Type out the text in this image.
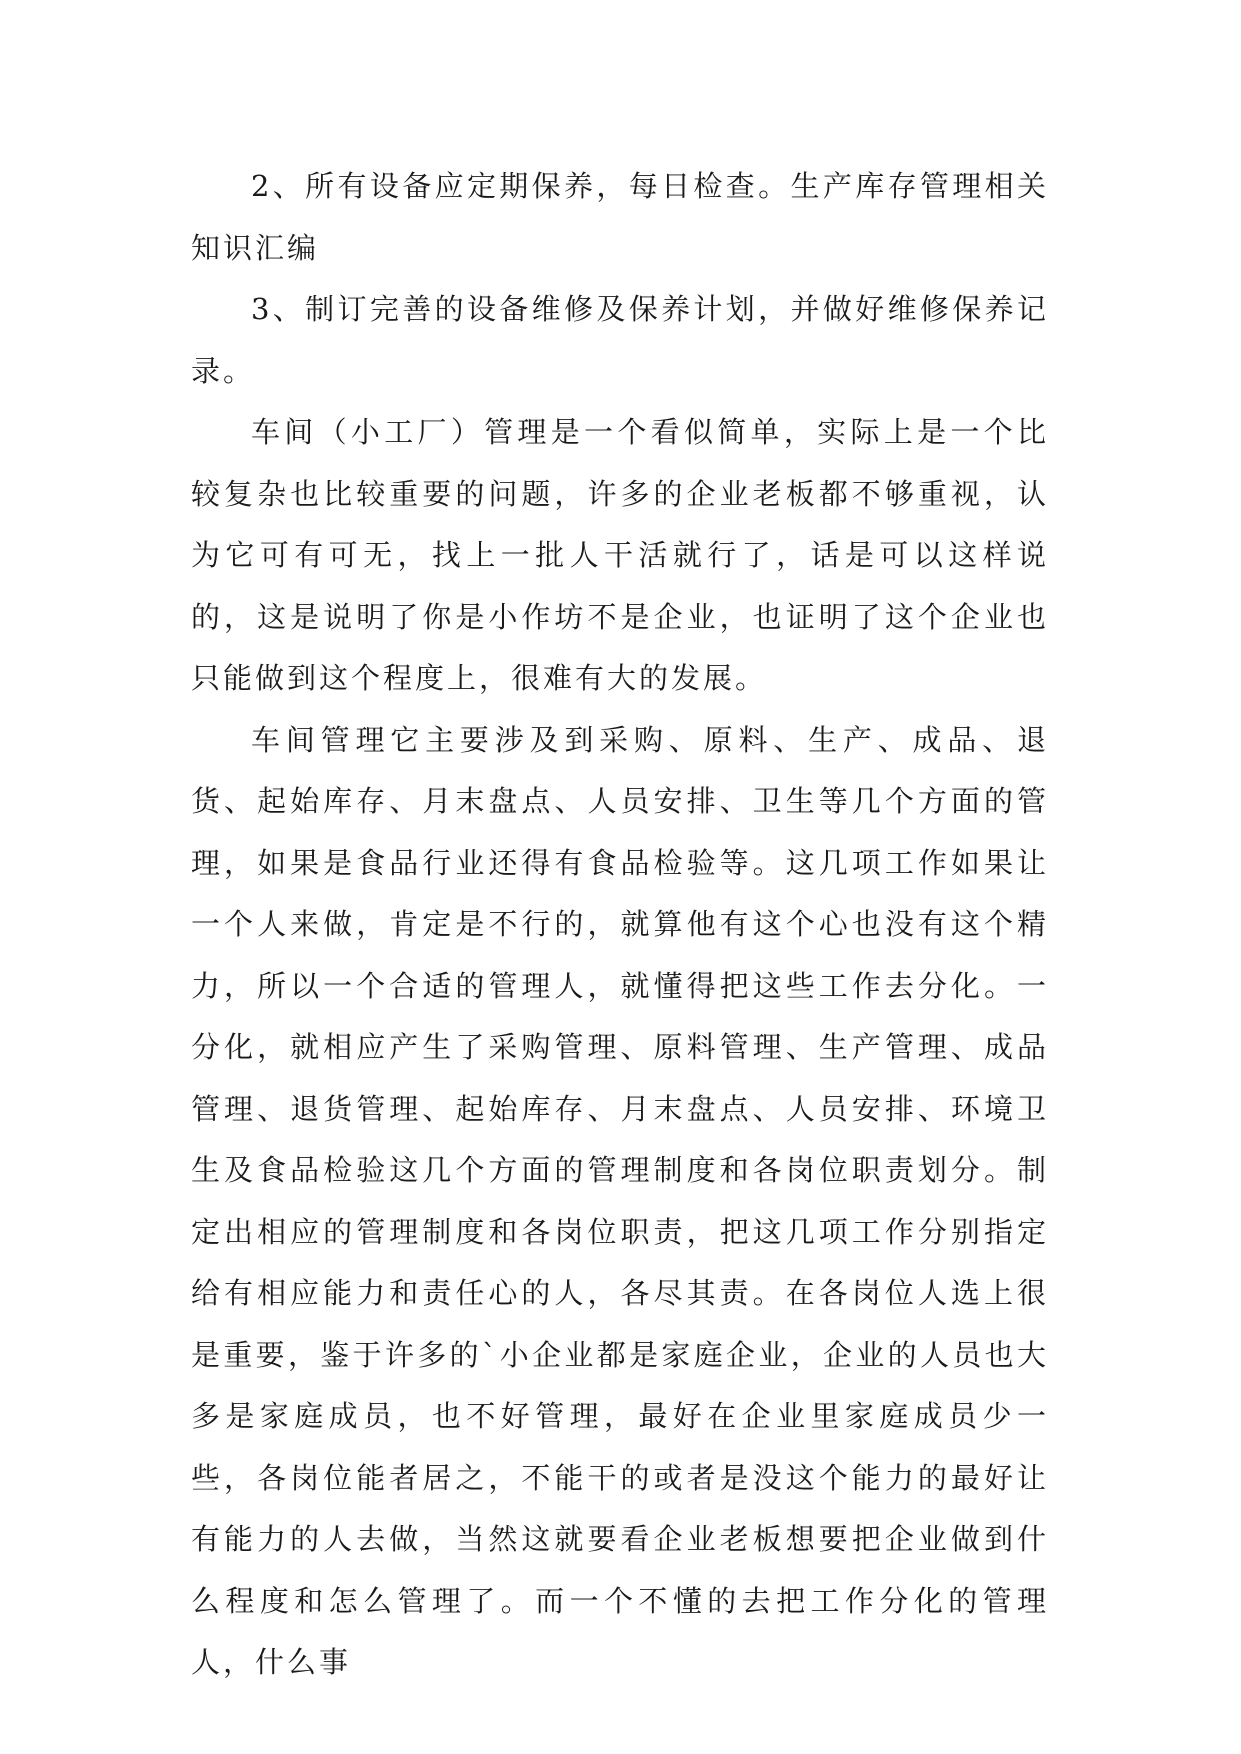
2、所有设备应定期保养，每日检查。生产库存管理相关知识汇编

3、制订完善的设备维修及保养计划，并做好维修保养记录。

车间（小工厂）管理是一个看似简单，实际上是一个比较复杂也比较重要的问题，许多的企业老板都不够重视，认为它可有可无，找上一批人干活就行了，话是可以这样说的，这是说明了你是小作坊不是企业，也证明了这个企业也只能做到这个程度上，很难有大的发展。

车间管理它主要涉及到采购、原料、生产、成品、退货、起始库存、月末盘点、人员安排、卫生等几个方面的管理，如果是食品行业还得有食品检验等。这几项工作如果让一个人来做，肯定是不行的，就算他有这个心也没有这个精力，所以一个合适的管理人，就懂得把这些工作去分化。一分化，就相应产生了采购管理、原料管理、生产管理、成品管理、退货管理、起始库存、月末盘点、人员安排、环境卫生及食品检验这几个方面的管理制度和各岗位职责划分。制定出相应的管理制度和各岗位职责，把这几项工作分别指定给有相应能力和责任心的人，各尽其责。在各岗位人选上很是重要，鉴于许多的`小企业都是家庭企业，企业的人员也大多是家庭成员，也不好管理，最好在企业里家庭成员少一些，各岗位能者居之，不能干的或者是没这个能力的最好让有能力的人去做，当然这就要看企业老板想要把企业做到什么程度和怎么管理了。而一个不懂的去把工作分化的管理人，什么事
